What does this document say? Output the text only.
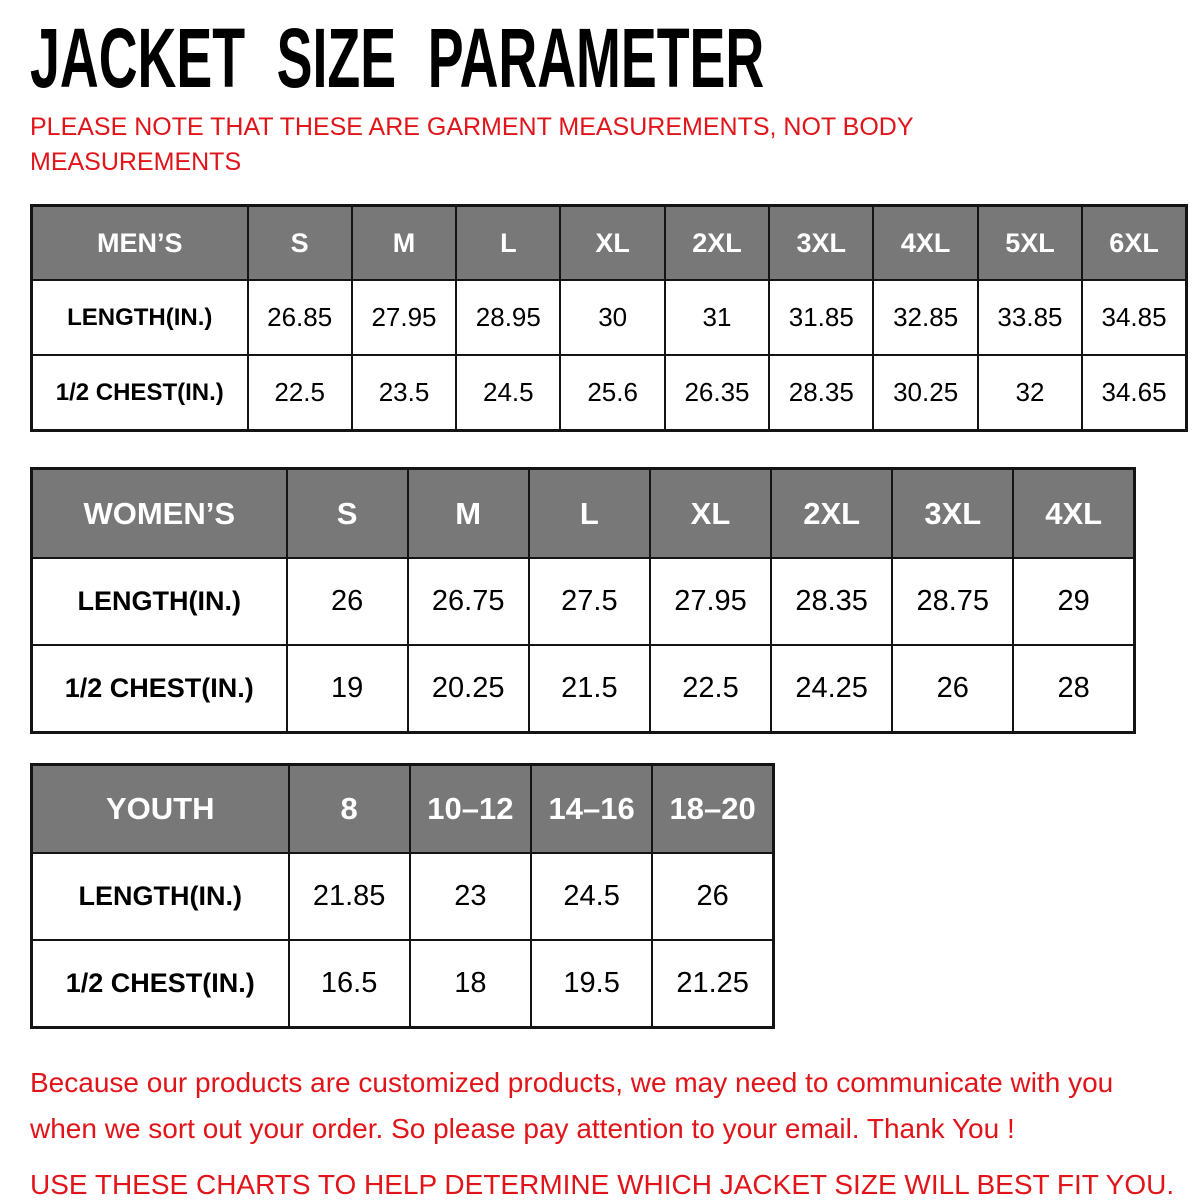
JACKET SIZE PARAMETER

PLEASE NOTE THAT THESE ARE GARMENT MEASUREMENTS, NOT BODY
MEASUREMENTS

MEN’S	S	M	L	XL	2XL	3XL	4XL	5XL	6XL
LENGTH(IN.)	26.85	27.95	28.95	30	31	31.85	32.85	33.85	34.85
1/2 CHEST(IN.)	22.5	23.5	24.5	25.6	26.35	28.35	30.25	32	34.65
WOMEN’S	S	M	L	XL	2XL	3XL	4XL
LENGTH(IN.)	26	26.75	27.5	27.95	28.35	28.75	29
1/2 CHEST(IN.)	19	20.25	21.5	22.5	24.25	26	28
YOUTH	8	10–12	14–16	18–20
LENGTH(IN.)	21.85	23	24.5	26
1/2 CHEST(IN.)	16.5	18	19.5	21.25

Because our products are customized products, we may need to communicate with you
when we sort out your order. So please pay attention to your email. Thank You !

USE THESE CHARTS TO HELP DETERMINE WHICH JACKET SIZE WILL BEST FIT YOU.
